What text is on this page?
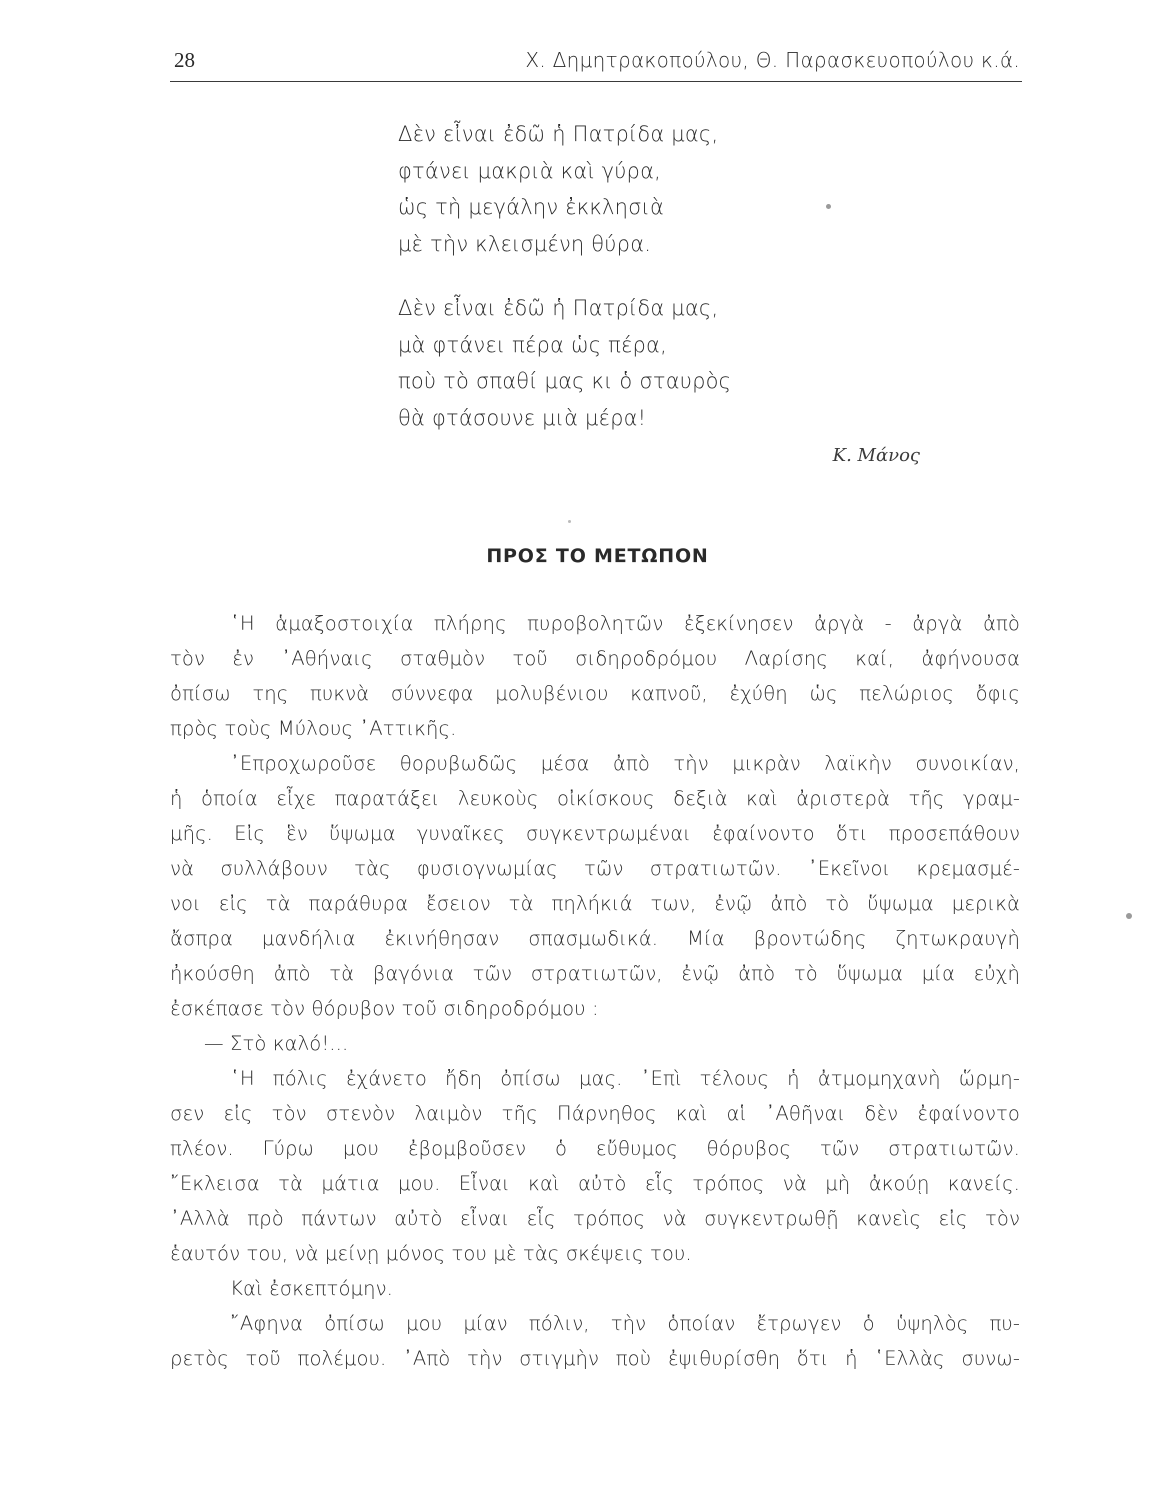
28	Χ. Δημητρακοπούλου, Θ. Παρασκευοπούλου κ.ά.
Δὲν εἶναι ἐδῶ ἡ Πατρίδα μας,
φτάνει μακριὰ καὶ γύρα,
ὡς τὴ μεγάλην ἐκκλησιὰ
μὲ τὴν κλεισμένη θύρα.
Δὲν εἶναι ἐδῶ ἡ Πατρίδα μας,
μὰ φτάνει πέρα ὡς πέρα,
ποὺ τὸ σπαθί μας κι ὁ σταυρὸς
θὰ φτάσουνε μιὰ μέρα!
Κ. Μάνος
ΠΡΟΣ ΤΟ ΜΕΤΩΠΟΝ

῾Η ἁμαξοστοιχία πλήρης πυροβολητῶν ἐξεκίνησεν ἀργὰ - ἀργὰ ἀπὸ
τὸν ἐν ᾿Αθήναις σταθμὸν τοῦ σιδηροδρόμου Λαρίσης καί, ἀφήνουσα
ὀπίσω της πυκνὰ σύννεφα μολυβένιου καπνοῦ, ἐχύθη ὡς πελώριος ὄφις
πρὸς τοὺς Μύλους ᾿Αττικῆς.

᾿Επροχωροῦσε θορυβωδῶς μέσα ἀπὸ τὴν μικρὰν λαϊκὴν συνοικίαν,
ἡ ὁποία εἶχε παρατάξει λευκοὺς οἰκίσκους δεξιὰ καὶ ἀριστερὰ τῆς γραμ-
μῆς. Εἰς ἓν ὕψωμα γυναῖκες συγκεντρωμέναι ἐφαίνοντο ὅτι προσεπάθουν
νὰ συλλάβουν τὰς φυσιογνωμίας τῶν στρατιωτῶν. ᾿Εκεῖνοι κρεμασμέ-
νοι εἰς τὰ παράθυρα ἔσειον τὰ πηλήκιά των, ἐνῷ ἀπὸ τὸ ὕψωμα μερικὰ
ἄσπρα μανδήλια ἐκινήθησαν σπασμωδικά. Μία βροντώδης ζητωκραυγὴ
ἠκούσθη ἀπὸ τὰ βαγόνια τῶν στρατιωτῶν, ἐνῷ ἀπὸ τὸ ὕψωμα μία εὐχὴ
ἐσκέπασε τὸν θόρυβον τοῦ σιδηροδρόμου :

— Στὸ καλό!...

῾Η πόλις ἐχάνετο ἤδη ὀπίσω μας. ᾿Επὶ τέλους ἡ ἀτμομηχανὴ ὥρμη-
σεν εἰς τὸν στενὸν λαιμὸν τῆς Πάρνηθος καὶ αἱ ᾿Αθῆναι δὲν ἐφαίνοντο
πλέον. Γύρω μου ἐβομβοῦσεν ὁ εὔθυμος θόρυβος τῶν στρατιωτῶν.
῎Εκλεισα τὰ μάτια μου. Εἶναι καὶ αὐτὸ εἷς τρόπος νὰ μὴ ἀκούῃ κανείς.
᾿Αλλὰ πρὸ πάντων αὐτὸ εἶναι εἷς τρόπος νὰ συγκεντρωθῇ κανεὶς εἰς τὸν
ἑαυτόν του, νὰ μείνῃ μόνος του μὲ τὰς σκέψεις του.

Καὶ ἐσκεπτόμην.

῎Αφηνα ὀπίσω μου μίαν πόλιν, τὴν ὁποίαν ἔτρωγεν ὁ ὑψηλὸς πυ-
ρετὸς τοῦ πολέμου. ᾿Απὸ τὴν στιγμὴν ποὺ ἐψιθυρίσθη ὅτι ἡ ῾Ελλὰς συνω-
